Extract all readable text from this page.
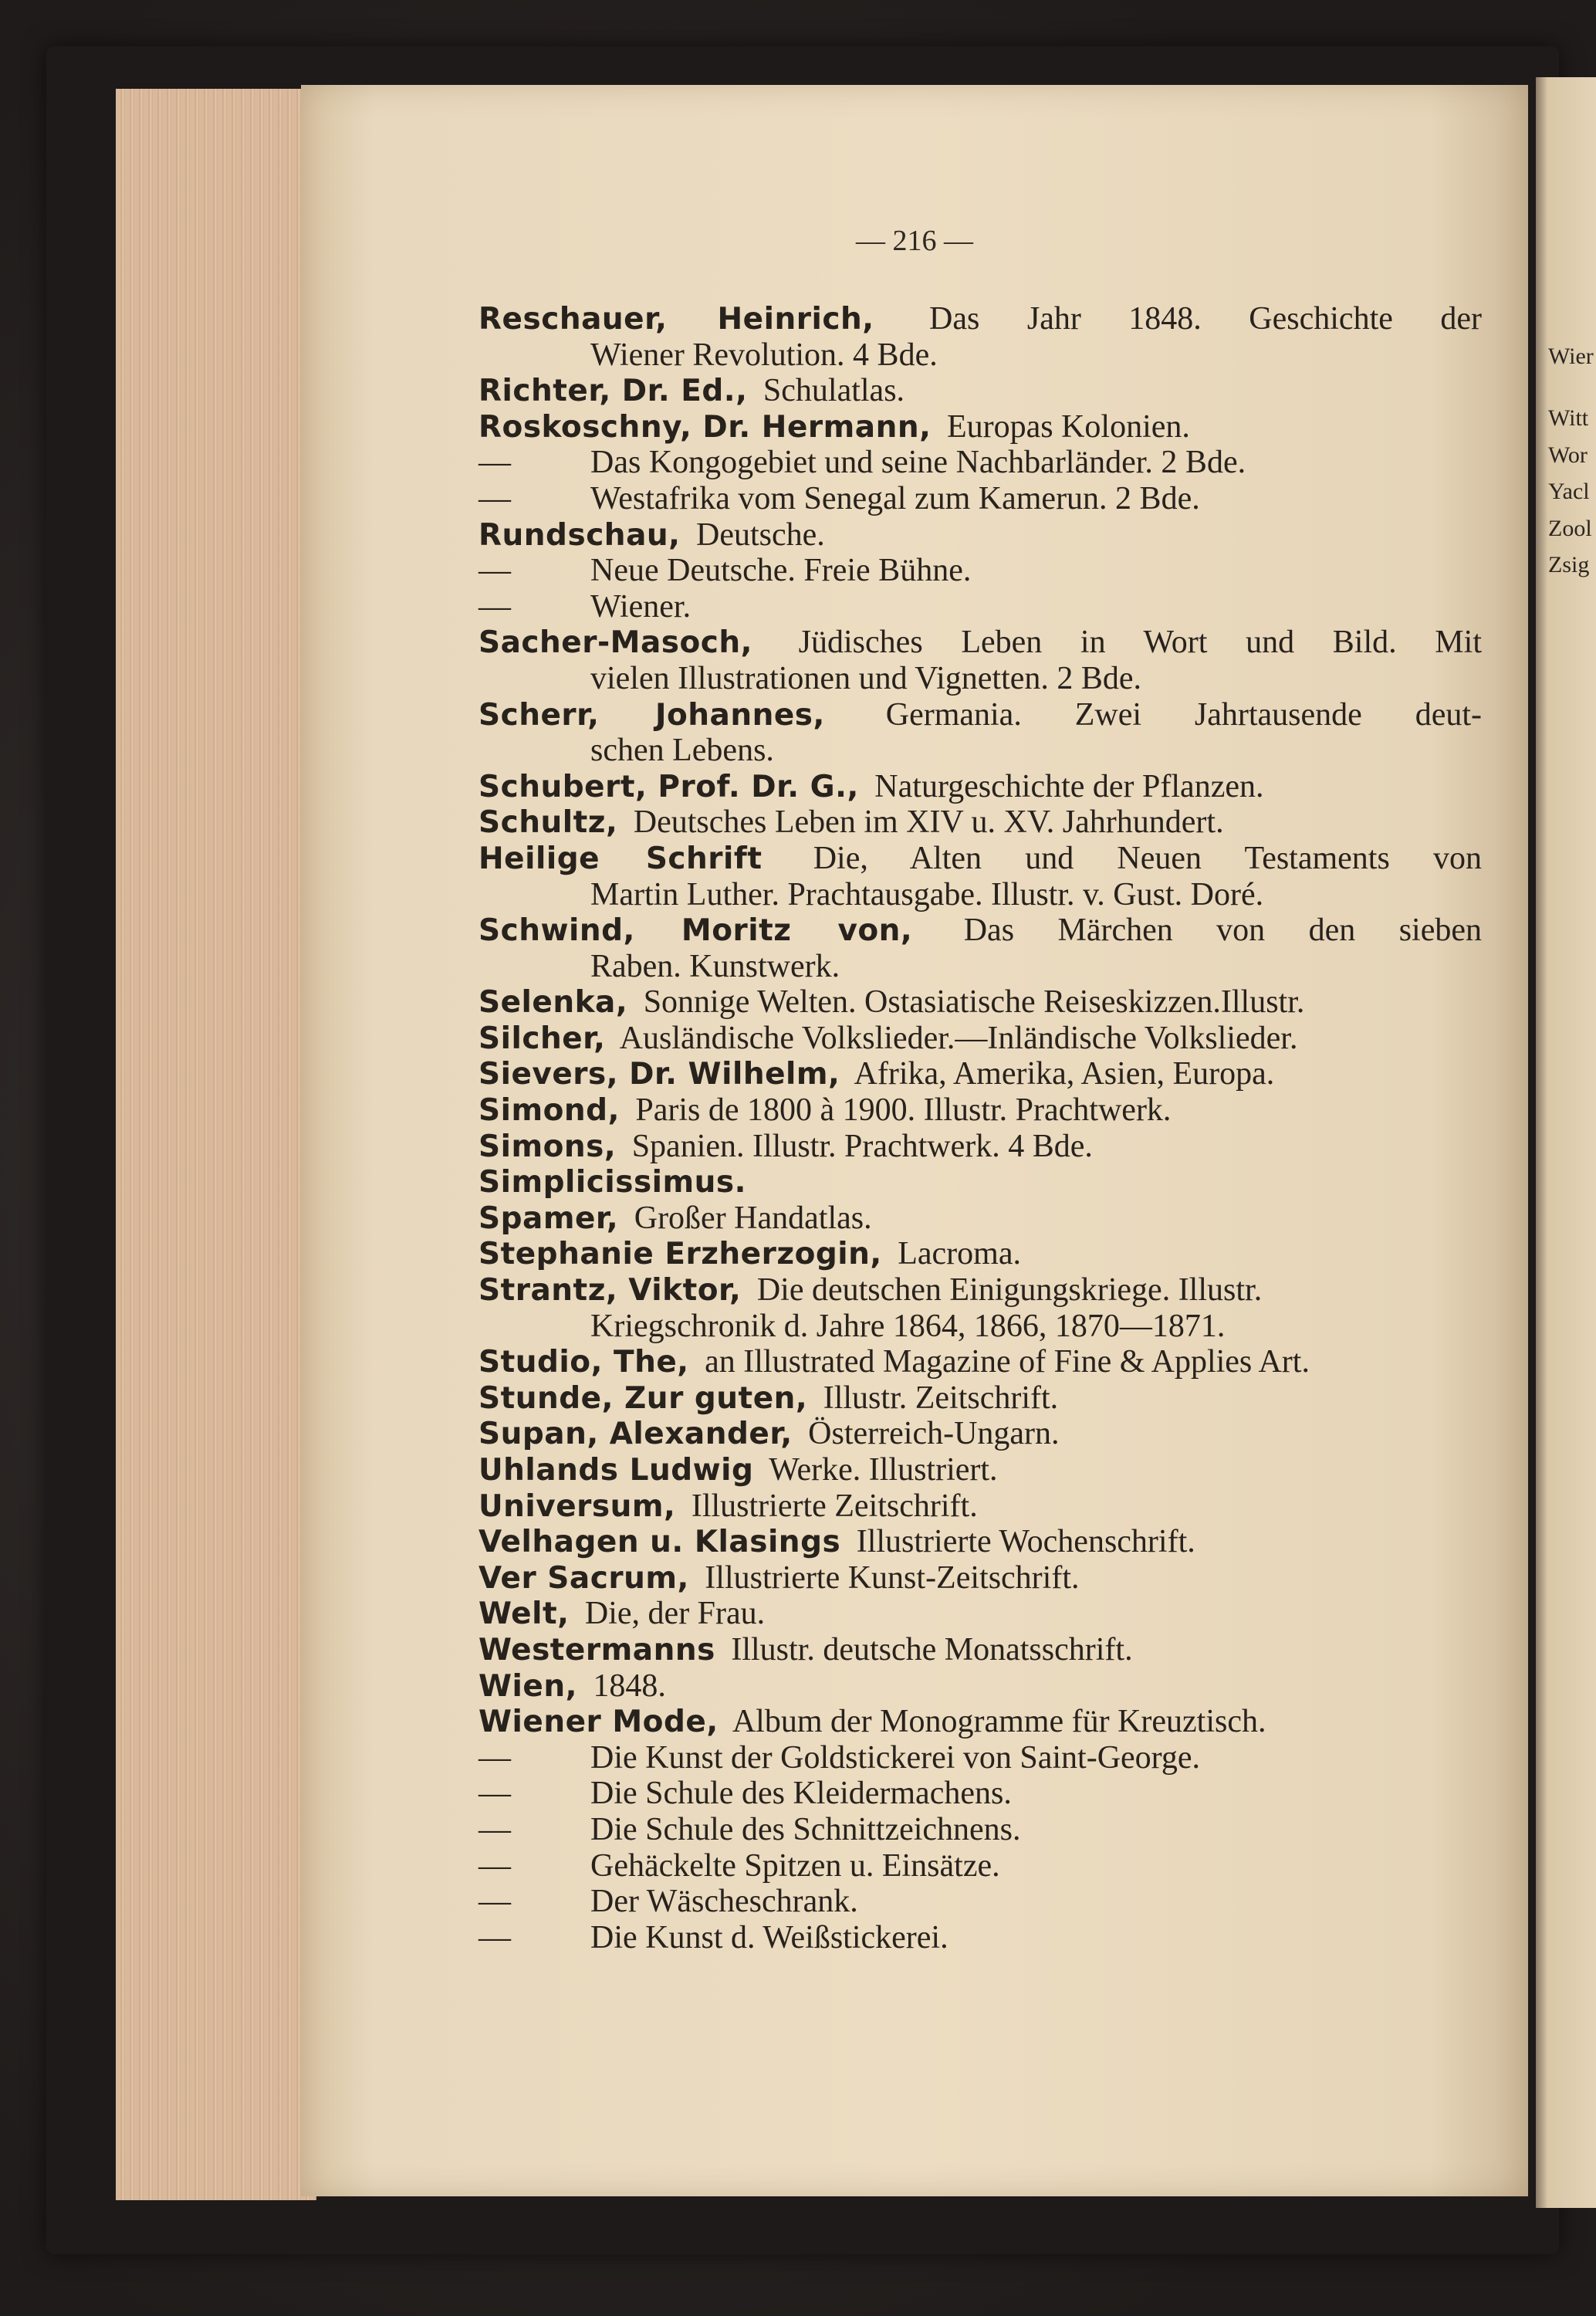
Wier
Witt
Wor
Yacl
Zool
Zsig
— 216 —
Reschauer, Heinrich, Das Jahr 1848. Geschichte der
Wiener Revolution. 4 Bde.
Richter, Dr. Ed., Schulatlas.
Roskoschny, Dr. Hermann, Europas Kolonien.
— Das Kongogebiet und seine Nachbarländer. 2 Bde.
— Westafrika vom Senegal zum Kamerun. 2 Bde.
Rundschau, Deutsche.
— Neue Deutsche. Freie Bühne.
— Wiener.
Sacher-Masoch, Jüdisches Leben in Wort und Bild. Mit
vielen Illustrationen und Vignetten. 2 Bde.
Scherr, Johannes, Germania. Zwei Jahrtausende deut-
schen Lebens.
Schubert, Prof. Dr. G., Naturgeschichte der Pflanzen.
Schultz, Deutsches Leben im XIV u. XV. Jahrhundert.
Heilige Schrift Die, Alten und Neuen Testaments von
Martin Luther. Prachtausgabe. Illustr. v. Gust. Doré.
Schwind, Moritz von, Das Märchen von den sieben
Raben. Kunstwerk.
Selenka, Sonnige Welten. Ostasiatische Reiseskizzen.Illustr.
Silcher, Ausländische Volkslieder.—Inländische Volkslieder.
Sievers, Dr. Wilhelm, Afrika, Amerika, Asien, Europa.
Simond, Paris de 1800 à 1900. Illustr. Prachtwerk.
Simons, Spanien. Illustr. Prachtwerk. 4 Bde.
Simplicissimus.
Spamer, Großer Handatlas.
Stephanie Erzherzogin, Lacroma.
Strantz, Viktor, Die deutschen Einigungskriege. Illustr.
Kriegschronik d. Jahre 1864, 1866, 1870—1871.
Studio, The, an Illustrated Magazine of Fine & Applies Art.
Stunde, Zur guten, Illustr. Zeitschrift.
Supan, Alexander, Österreich-Ungarn.
Uhlands Ludwig Werke. Illustriert.
Universum, Illustrierte Zeitschrift.
Velhagen u. Klasings Illustrierte Wochenschrift.
Ver Sacrum, Illustrierte Kunst-Zeitschrift.
Welt, Die, der Frau.
Westermanns Illustr. deutsche Monatsschrift.
Wien, 1848.
Wiener Mode, Album der Monogramme für Kreuztisch.
— Die Kunst der Goldstickerei von Saint-George.
— Die Schule des Kleidermachens.
— Die Schule des Schnittzeichnens.
— Gehäckelte Spitzen u. Einsätze.
— Der Wäscheschrank.
— Die Kunst d. Weißstickerei.
